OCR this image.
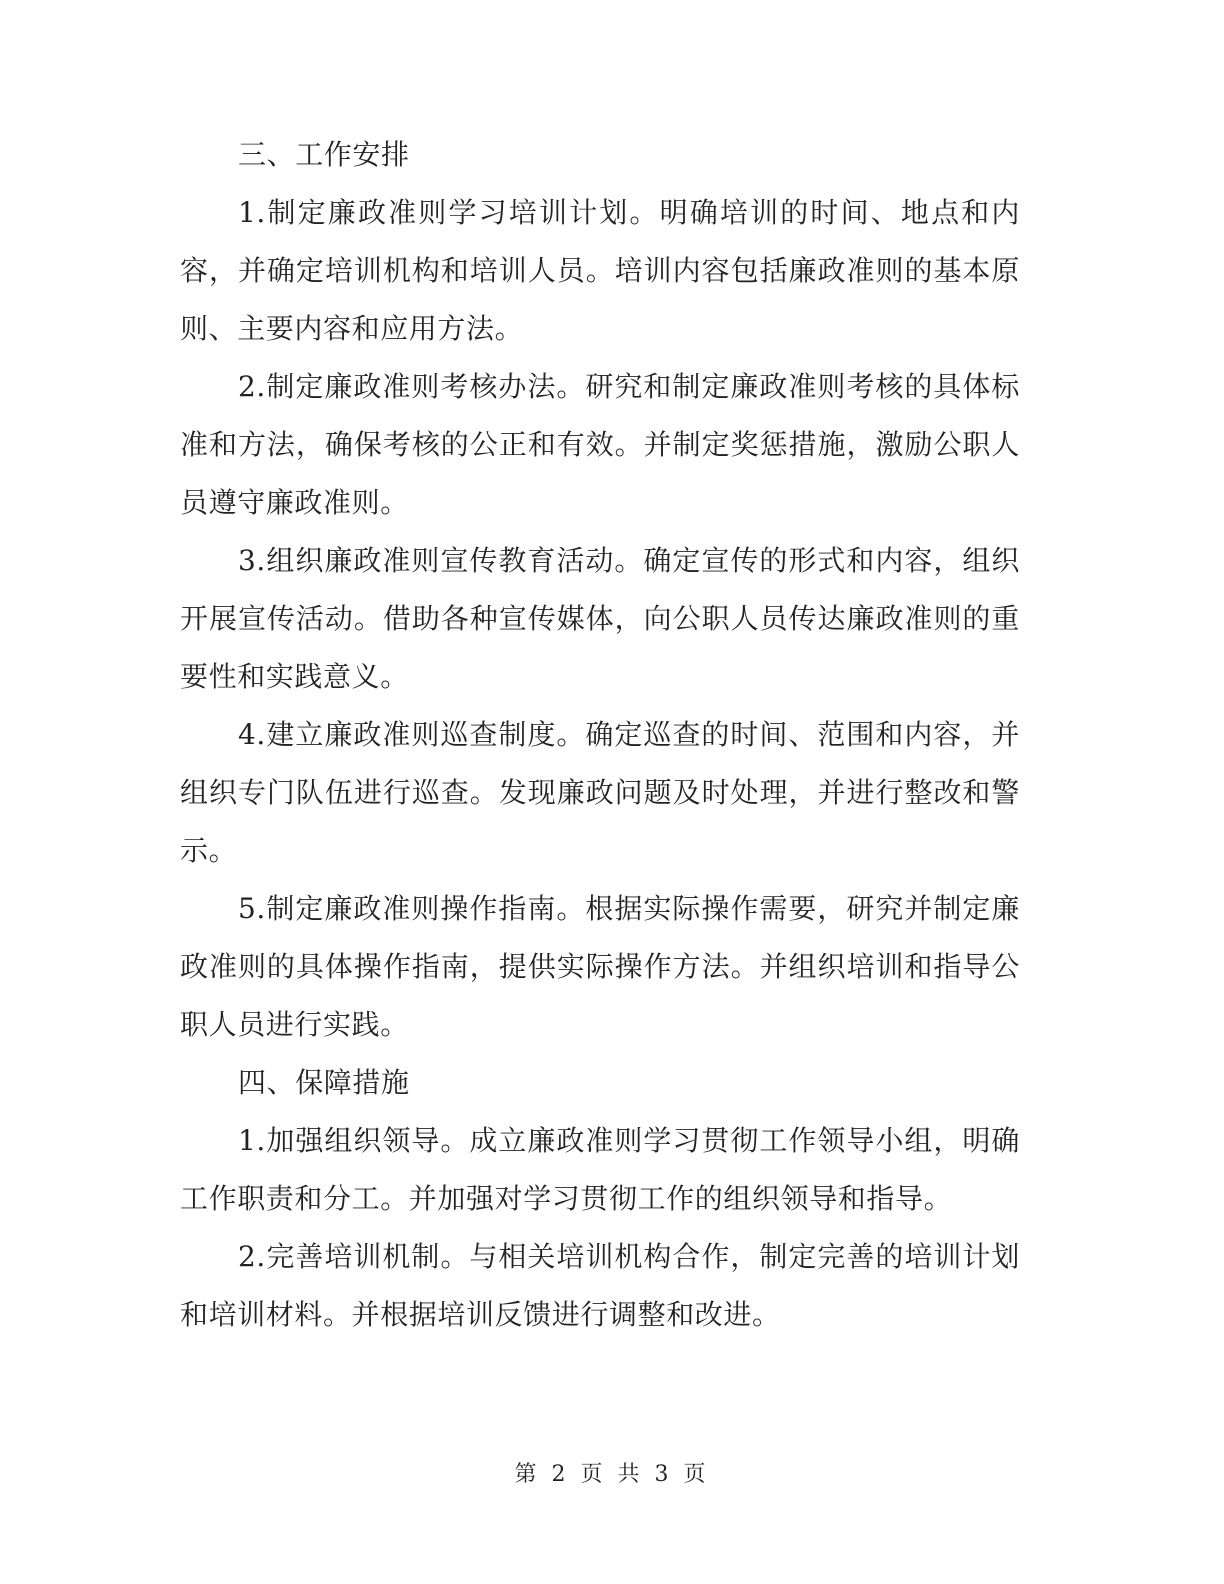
三、工作安排

1.制定廉政准则学习培训计划。明确培训的时间、地点和内容，并确定培训机构和培训人员。培训内容包括廉政准则的基本原则、主要内容和应用方法。

2.制定廉政准则考核办法。研究和制定廉政准则考核的具体标准和方法，确保考核的公正和有效。并制定奖惩措施，激励公职人员遵守廉政准则。

3.组织廉政准则宣传教育活动。确定宣传的形式和内容，组织开展宣传活动。借助各种宣传媒体，向公职人员传达廉政准则的重要性和实践意义。

4.建立廉政准则巡查制度。确定巡查的时间、范围和内容，并组织专门队伍进行巡查。发现廉政问题及时处理，并进行整改和警示。

5.制定廉政准则操作指南。根据实际操作需要，研究并制定廉政准则的具体操作指南，提供实际操作方法。并组织培训和指导公职人员进行实践。

四、保障措施

1.加强组织领导。成立廉政准则学习贯彻工作领导小组，明确工作职责和分工。并加强对学习贯彻工作的组织领导和指导。

2.完善培训机制。与相关培训机构合作，制定完善的培训计划和培训材料。并根据培训反馈进行调整和改进。

第 2 页 共 3 页
